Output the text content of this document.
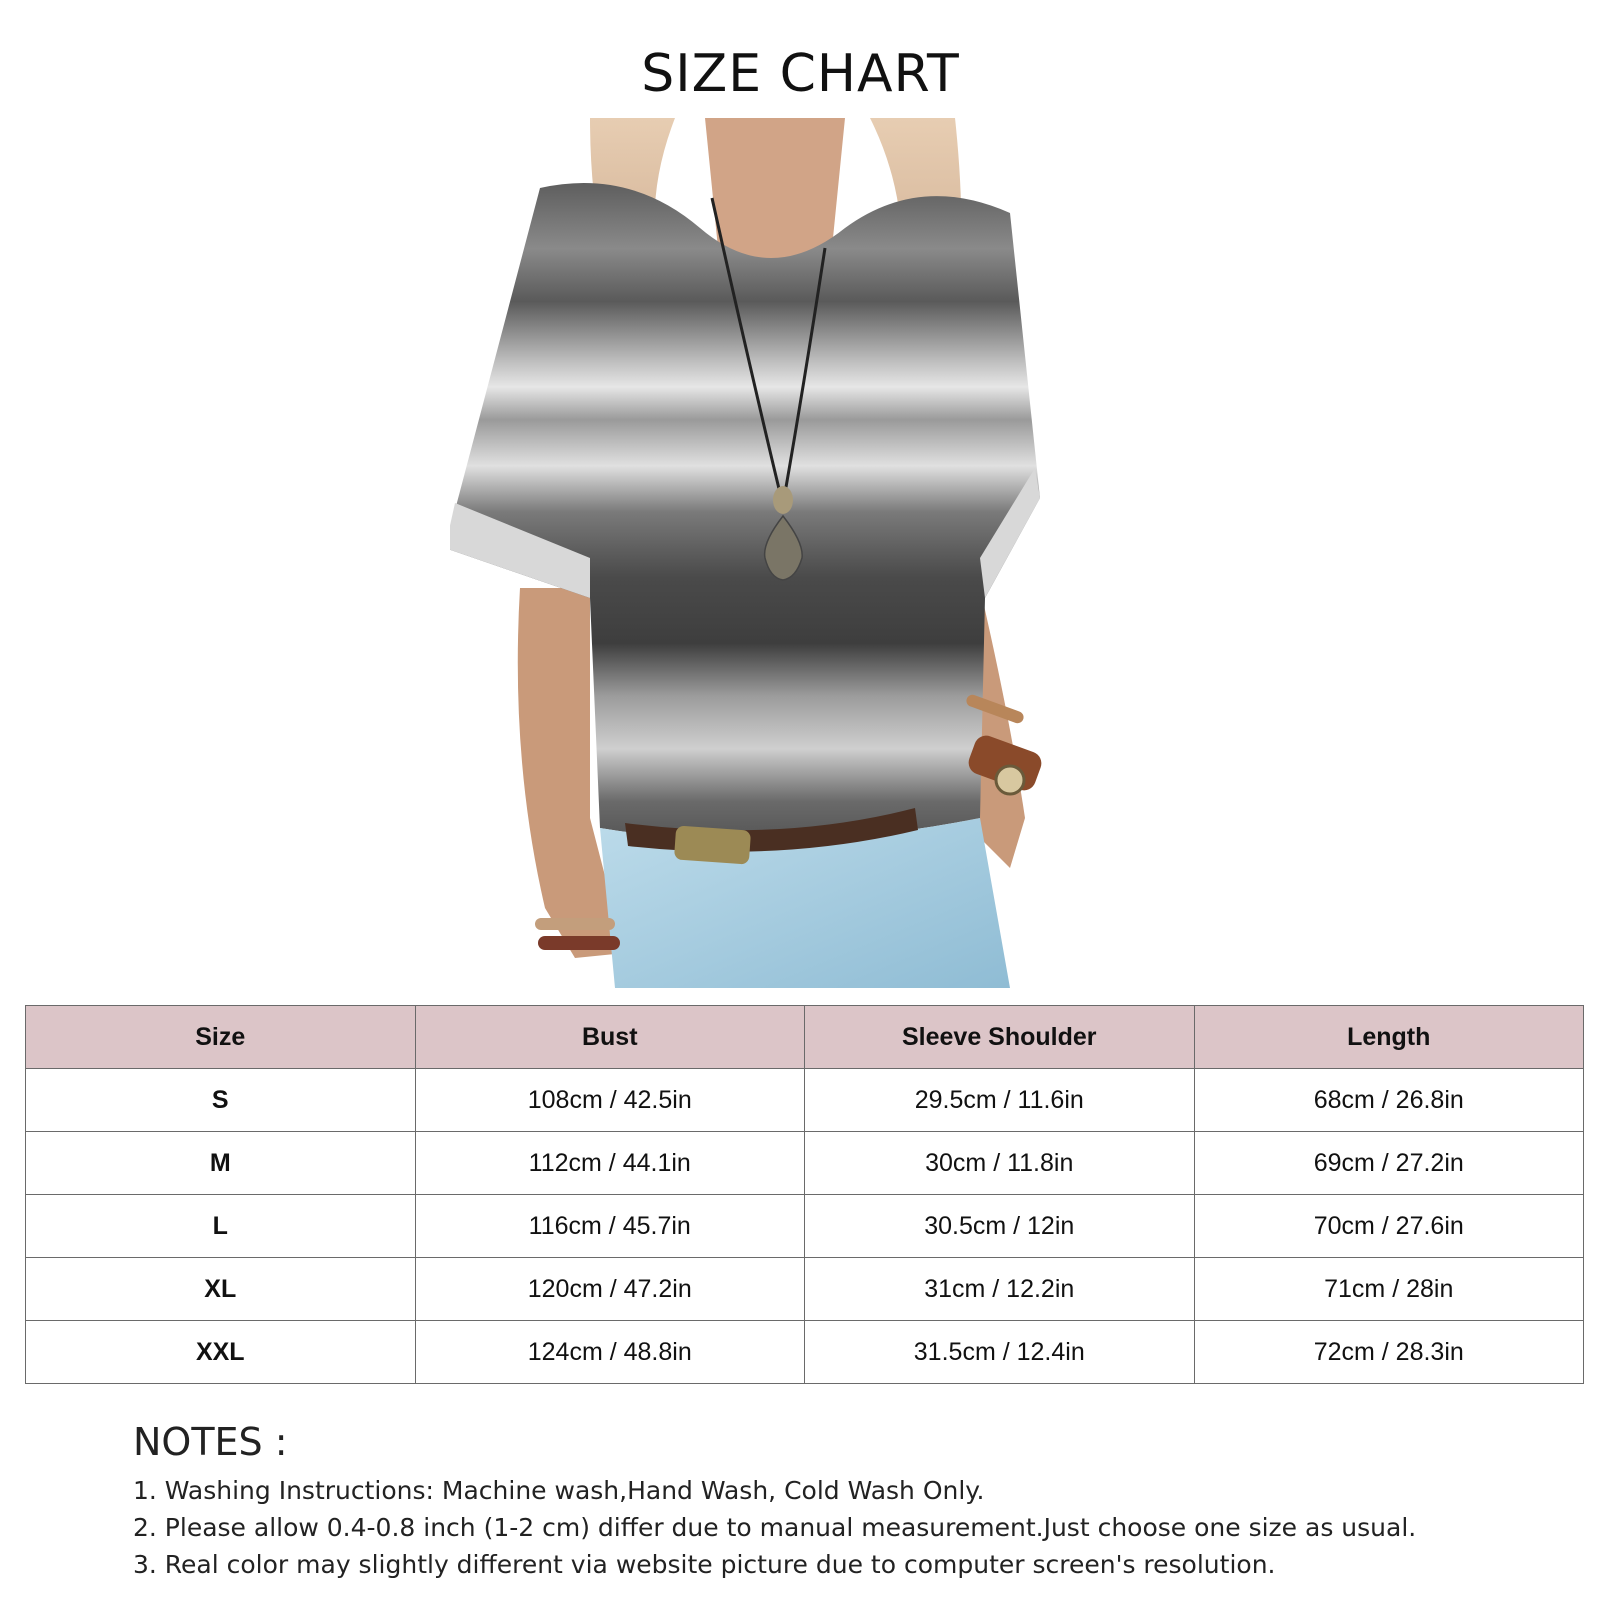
SIZE CHART
Size	Bust	Sleeve Shoulder	Length
S	108cm / 42.5in	29.5cm / 11.6in	68cm / 26.8in
M	112cm / 44.1in	30cm / 11.8in	69cm / 27.2in
L	116cm / 45.7in	30.5cm / 12in	70cm / 27.6in
XL	120cm / 47.2in	31cm / 12.2in	71cm / 28in
XXL	124cm / 48.8in	31.5cm / 12.4in	72cm / 28.3in
NOTES :
1. Washing Instructions: Machine wash,Hand Wash, Cold Wash Only.
2. Please allow 0.4-0.8 inch (1-2 cm) differ due to manual measurement.Just choose one size as usual.
3. Real color may slightly different via website picture due to computer screen's resolution.
